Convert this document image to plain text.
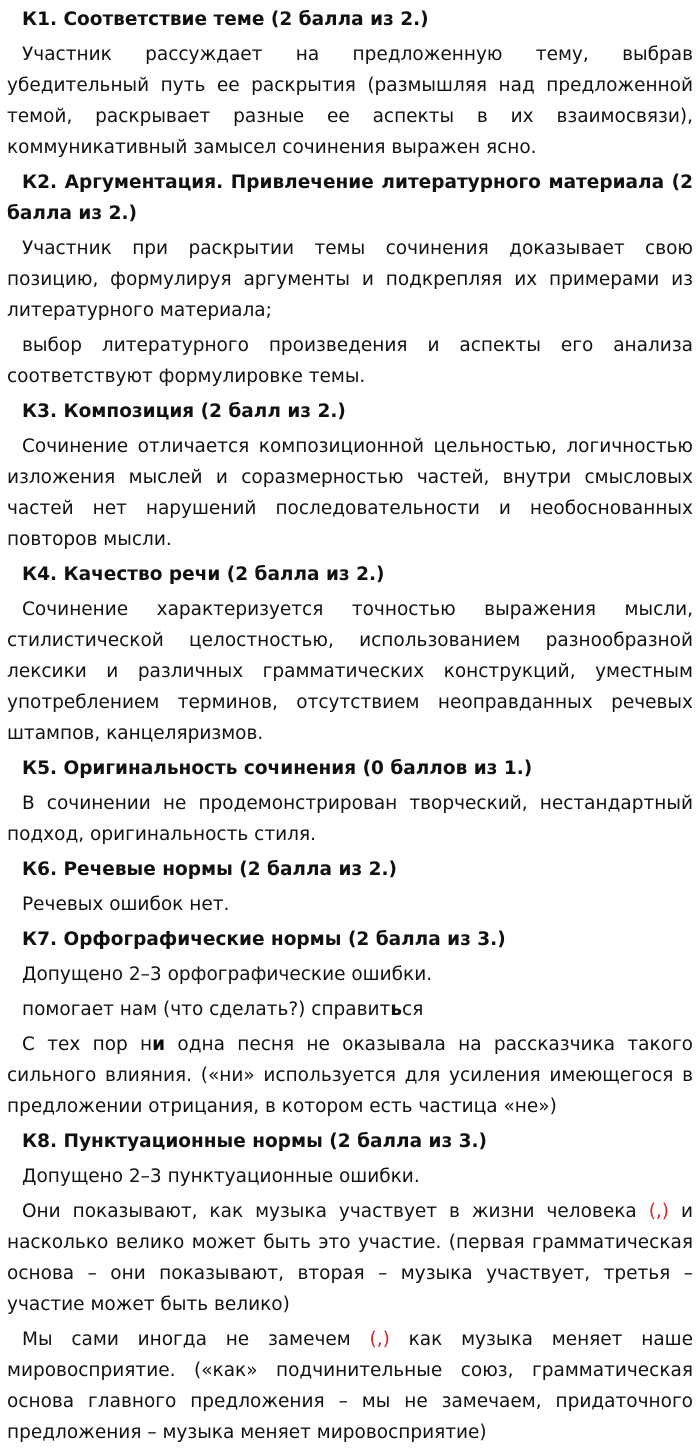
К1. Соответствие теме (2 балла из 2.)
Участник рассуждает на предложенную тему, выбрав убедительный путь ее раскрытия (размышляя над предложенной темой, раскрывает разные ее аспекты в их взаимосвязи), коммуникативный замысел сочинения выражен ясно.
К2. Аргументация. Привлечение литературного материала (2 балла из 2.)
Участник при раскрытии темы сочинения доказывает свою позицию, формулируя аргументы и подкрепляя их примерами из литературного материала;
выбор литературного произведения и аспекты его анализа соответствуют формулировке темы.
К3. Композиция (2 балл из 2.)
Сочинение отличается композиционной цельностью, логичностью изложения мыслей и соразмерностью частей, внутри смысловых частей нет нарушений последовательности и необоснованных повторов мысли.
К4. Качество речи (2 балла из 2.)
Сочинение характеризуется точностью выражения мысли, стилистической целостностью, использованием разнообразной лексики и различных грамматических конструкций, уместным употреблением терминов, отсутствием неоправданных речевых штампов, канцеляризмов.
К5. Оригинальность сочинения (0 баллов из 1.)
В сочинении не продемонстрирован творческий, нестандартный подход, оригинальность стиля.
К6. Речевые нормы (2 балла из 2.)
Речевых ошибок нет.
К7. Орфографические нормы (2 балла из 3.)
Допущено 2–3 орфографические ошибки.
помогает нам (что сделать?) справиться
С тех пор ни одна песня не оказывала на рассказчика такого сильного влияния. («ни» используется для усиления имеющегося в предложении отрицания, в котором есть частица «не»)
К8. Пунктуационные нормы (2 балла из 3.)
Допущено 2–3 пунктуационные ошибки.
Они показывают, как музыка участвует в жизни человека (,) и насколько велико может быть это участие. (первая грамматическая основа – они показывают, вторая – музыка участвует, третья – участие может быть велико)
Мы сами иногда не замечем (,) как музыка меняет наше мировосприятие. («как» подчинительные союз, грамматическая основа главного предложения – мы не замечаем, придаточного предложения – музыка меняет мировосприятие)
